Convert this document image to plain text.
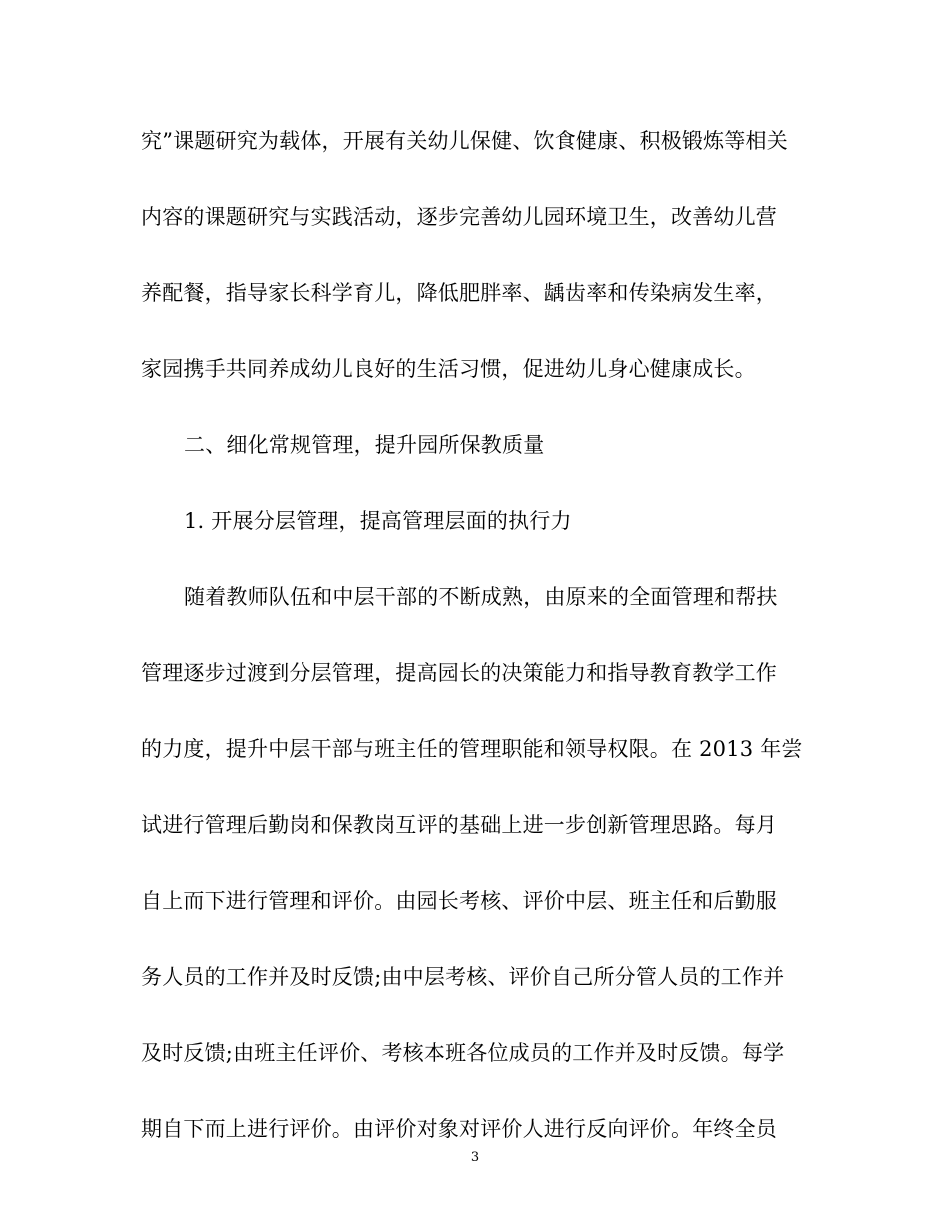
究”课题研究为载体，开展有关幼儿保健、饮食健康、积极锻炼等相关
内容的课题研究与实践活动，逐步完善幼儿园环境卫生，改善幼儿营
养配餐，指导家长科学育儿，降低肥胖率、龋齿率和传染病发生率，
家园携手共同养成幼儿良好的生活习惯，促进幼儿身心健康成长。
二、细化常规管理，提升园所保教质量
1. 开展分层管理，提高管理层面的执行力
随着教师队伍和中层干部的不断成熟，由原来的全面管理和帮扶
管理逐步过渡到分层管理，提高园长的决策能力和指导教育教学工作
的力度，提升中层干部与班主任的管理职能和领导权限。在 2013 年尝
试进行管理后勤岗和保教岗互评的基础上进一步创新管理思路。每月
自上而下进行管理和评价。由园长考核、评价中层、班主任和后勤服
务人员的工作并及时反馈;由中层考核、评价自己所分管人员的工作并
及时反馈;由班主任评价、考核本班各位成员的工作并及时反馈。每学
期自下而上进行评价。由评价对象对评价人进行反向评价。年终全员
3
